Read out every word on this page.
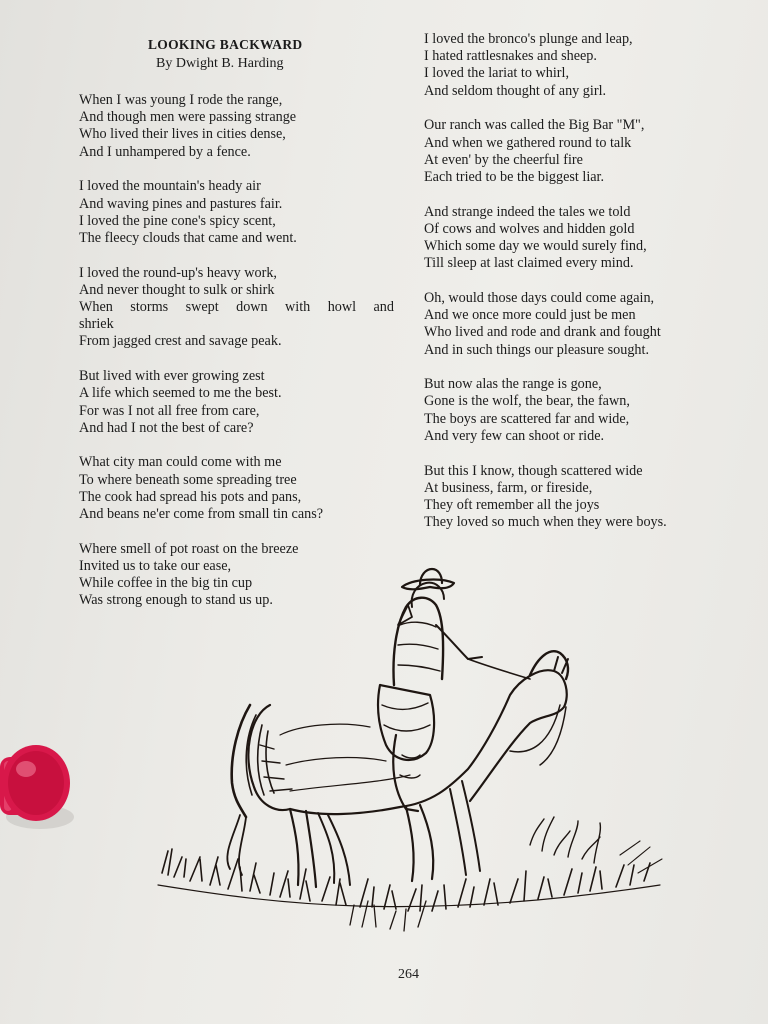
LOOKING BACKWARD
By Dwight B. Harding
When I was young I rode the range,
And though men were passing strange
Who lived their lives in cities dense,
And I unhampered by a fence.
I loved the mountain's heady air
And waving pines and pastures fair.
I loved the pine cone's spicy scent,
The fleecy clouds that came and went.
I loved the round-up's heavy work,
And never thought to sulk or shirk
When storms swept down with howl and
shriek
From jagged crest and savage peak.
But lived with ever growing zest
A life which seemed to me the best.
For was I not all free from care,
And had I not the best of care?
What city man could come with me
To where beneath some spreading tree
The cook had spread his pots and pans,
And beans ne'er come from small tin cans?
Where smell of pot roast on the breeze
Invited us to take our ease,
While coffee in the big tin cup
Was strong enough to stand us up.
I loved the bronco's plunge and leap,
I hated rattlesnakes and sheep.
I loved the lariat to whirl,
And seldom thought of any girl.
Our ranch was called the Big Bar "M",
And when we gathered round to talk
At even' by the cheerful fire
Each tried to be the biggest liar.
And strange indeed the tales we told
Of cows and wolves and hidden gold
Which some day we would surely find,
Till sleep at last claimed every mind.
Oh, would those days could come again,
And we once more could just be men
Who lived and rode and drank and fought
And in such things our pleasure sought.
But now alas the range is gone,
Gone is the wolf, the bear, the fawn,
The boys are scattered far and wide,
And very few can shoot or ride.
But this I know, though scattered wide
At business, farm, or fireside,
They oft remember all the joys
They loved so much when they were boys.
264
